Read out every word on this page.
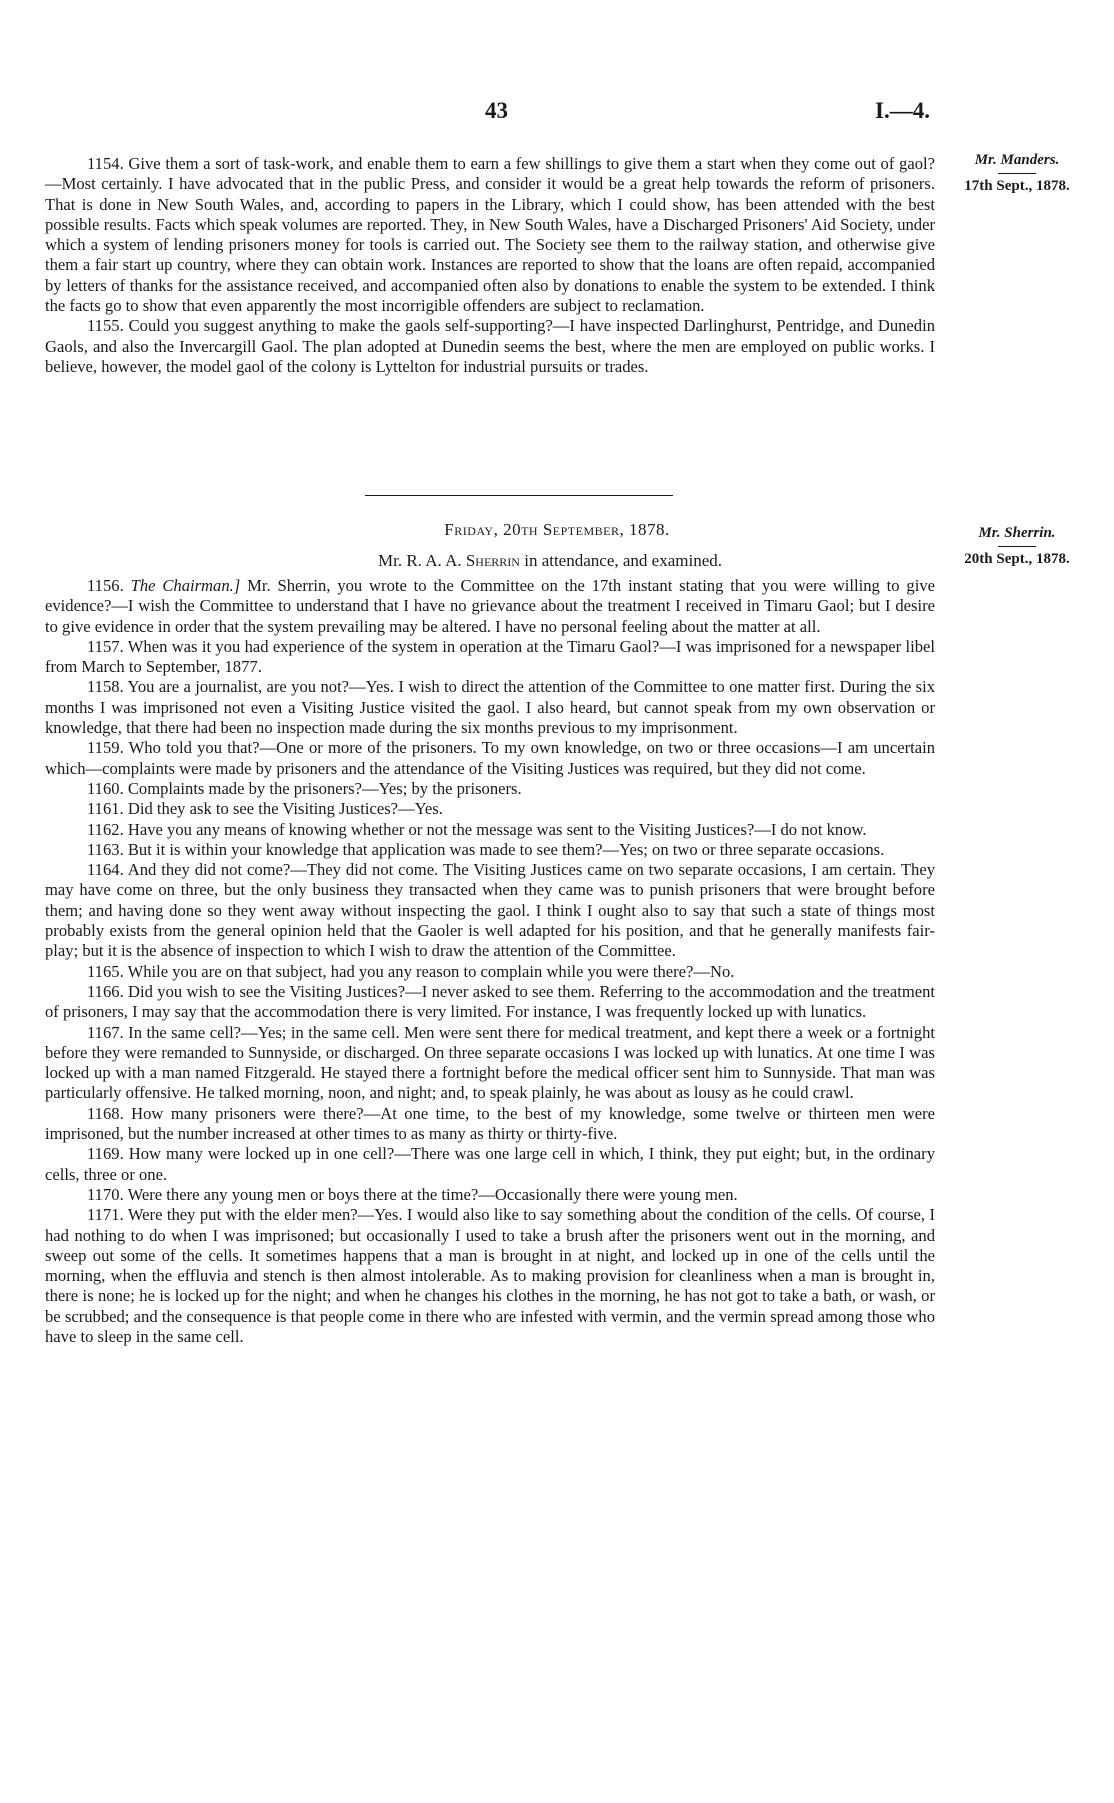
43	I.—4.
Mr. Manders.
17th Sept., 1878.

1154. Give them a sort of task-work, and enable them to earn a few shillings to give them a start when they come out of gaol?—Most certainly. I have advocated that in the public Press, and consider it would be a great help towards the reform of prisoners. That is done in New South Wales, and, according to papers in the Library, which I could show, has been attended with the best possible results. Facts which speak volumes are reported. They, in New South Wales, have a Discharged Prisoners' Aid Society, under which a system of lending prisoners money for tools is carried out. The Society see them to the railway station, and otherwise give them a fair start up country, where they can obtain work. Instances are reported to show that the loans are often repaid, accompanied by letters of thanks for the assistance received, and accompanied often also by donations to enable the system to be extended. I think the facts go to show that even apparently the most incorrigible offenders are subject to reclamation.

1155. Could you suggest anything to make the gaols self-supporting?—I have inspected Darlinghurst, Pentridge, and Dunedin Gaols, and also the Invercargill Gaol. The plan adopted at Dunedin seems the best, where the men are employed on public works. I believe, however, the model gaol of the colony is Lyttelton for industrial pursuits or trades.

Friday, 20th September, 1878.	Mr. Sherrin.
20th Sept., 1878.
Mr. R. A. A. Sherrin in attendance, and examined.

1156. The Chairman.] Mr. Sherrin, you wrote to the Committee on the 17th instant stating that you were willing to give evidence?—I wish the Committee to understand that I have no grievance about the treatment I received in Timaru Gaol; but I desire to give evidence in order that the system prevailing may be altered. I have no personal feeling about the matter at all.

1157. When was it you had experience of the system in operation at the Timaru Gaol?—I was imprisoned for a newspaper libel from March to September, 1877.

1158. You are a journalist, are you not?—Yes. I wish to direct the attention of the Committee to one matter first. During the six months I was imprisoned not even a Visiting Justice visited the gaol. I also heard, but cannot speak from my own observation or knowledge, that there had been no inspection made during the six months previous to my imprisonment.

1159. Who told you that?—One or more of the prisoners. To my own knowledge, on two or three occasions—I am uncertain which—complaints were made by prisoners and the attendance of the Visiting Justices was required, but they did not come.

1160. Complaints made by the prisoners?—Yes; by the prisoners.

1161. Did they ask to see the Visiting Justices?—Yes.

1162. Have you any means of knowing whether or not the message was sent to the Visiting Justices?—I do not know.

1163. But it is within your knowledge that application was made to see them?—Yes; on two or three separate occasions.

1164. And they did not come?—They did not come. The Visiting Justices came on two separate occasions, I am certain. They may have come on three, but the only business they transacted when they came was to punish prisoners that were brought before them; and having done so they went away without inspecting the gaol. I think I ought also to say that such a state of things most probably exists from the general opinion held that the Gaoler is well adapted for his position, and that he generally manifests fair-play; but it is the absence of inspection to which I wish to draw the attention of the Committee.

1165. While you are on that subject, had you any reason to complain while you were there?—No.

1166. Did you wish to see the Visiting Justices?—I never asked to see them. Referring to the accommodation and the treatment of prisoners, I may say that the accommodation there is very limited. For instance, I was frequently locked up with lunatics.

1167. In the same cell?—Yes; in the same cell. Men were sent there for medical treatment, and kept there a week or a fortnight before they were remanded to Sunnyside, or discharged. On three separate occasions I was locked up with lunatics. At one time I was locked up with a man named Fitzgerald. He stayed there a fortnight before the medical officer sent him to Sunnyside. That man was particularly offensive. He talked morning, noon, and night; and, to speak plainly, he was about as lousy as he could crawl.

1168. How many prisoners were there?—At one time, to the best of my knowledge, some twelve or thirteen men were imprisoned, but the number increased at other times to as many as thirty or thirty-five.

1169. How many were locked up in one cell?—There was one large cell in which, I think, they put eight; but, in the ordinary cells, three or one.

1170. Were there any young men or boys there at the time?—Occasionally there were young men.

1171. Were they put with the elder men?—Yes. I would also like to say something about the condition of the cells. Of course, I had nothing to do when I was imprisoned; but occasionally I used to take a brush after the prisoners went out in the morning, and sweep out some of the cells. It sometimes happens that a man is brought in at night, and locked up in one of the cells until the morning, when the effluvia and stench is then almost intolerable. As to making provision for cleanliness when a man is brought in, there is none; he is locked up for the night; and when he changes his clothes in the morning, he has not got to take a bath, or wash, or be scrubbed; and the consequence is that people come in there who are infested with vermin, and the vermin spread among those who have to sleep in the same cell.
